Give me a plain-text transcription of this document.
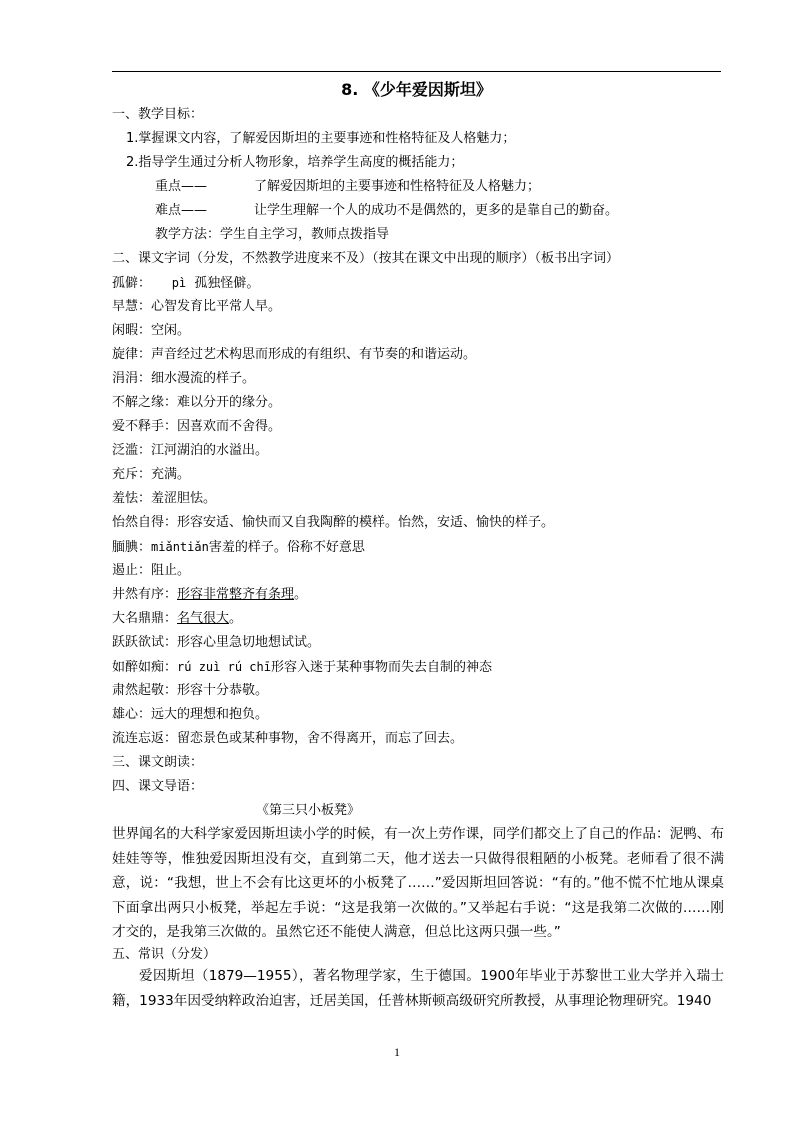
8. 《少年爱因斯坦》
一、教学目标：
1.掌握课文内容，了解爱因斯坦的主要事迹和性格特征及人格魅力；
2.指导学生通过分析人物形象，培养学生高度的概括能力；
重点——	了解爱因斯坦的主要事迹和性格特征及人格魅力；
难点——	让学生理解一个人的成功不是偶然的，更多的是靠自己的勤奋。
教学方法：学生自主学习，教师点拨指导
二、课文字词（分发，不然教学进度来不及）（按其在课文中出现的顺序）（板书出字词）
孤僻： pì 孤独怪僻。
早慧：心智发育比平常人早。
闲暇：空闲。
旋律：声音经过艺术构思而形成的有组织、有节奏的和谐运动。
涓涓：细水漫流的样子。
不解之缘：难以分开的缘分。
爱不释手：因喜欢而不舍得。
泛滥：江河湖泊的水溢出。
充斥：充满。
羞怯：羞涩胆怯。
怡然自得：形容安适、愉快而又自我陶醉的模样。怡然，安适、愉快的样子。
腼腆：miǎntiǎn害羞的样子。俗称不好意思
遏止：阻止。
井然有序：形容非常整齐有条理。
大名鼎鼎：名气很大。
跃跃欲试：形容心里急切地想试试。
如醉如痴：rú zuì rú chī形容入迷于某种事物而失去自制的神态
肃然起敬：形容十分恭敬。
雄心：远大的理想和抱负。
流连忘返：留恋景色或某种事物，舍不得离开，而忘了回去。
三、课文朗读：
四、课文导语：
《第三只小板凳》
世界闻名的大科学家爱因斯坦读小学的时候，有一次上劳作课，同学们都交上了自己的作品：泥鸭、布娃娃等等，惟独爱因斯坦没有交，直到第二天，他才送去一只做得很粗陋的小板凳。老师看了很不满意，说：“我想，世上不会有比这更坏的小板凳了……”爱因斯坦回答说：“有的。”他不慌不忙地从课桌下面拿出两只小板凳，举起左手说：“这是我第一次做的。”又举起右手说：“这是我第二次做的……刚才交的，是我第三次做的。虽然它还不能使人满意，但总比这两只强一些。”
五、常识（分发）
爱因斯坦（1879—1955），著名物理学家，生于德国。1900年毕业于苏黎世工业大学并入瑞士籍，1933年因受纳粹政治迫害，迁居美国，任普林斯顿高级研究所教授，从事理论物理研究。1940
1
